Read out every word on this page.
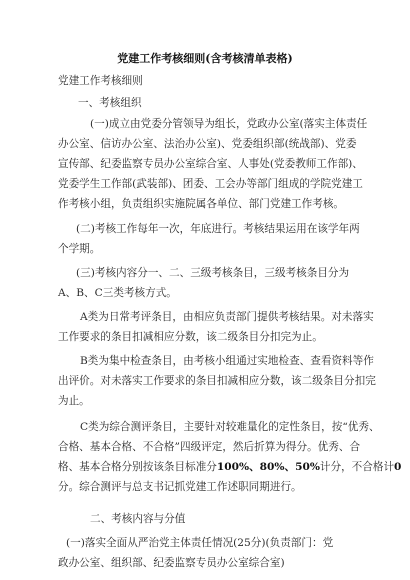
党建工作考核细则(含考核清单表格)
党建工作考核细则
一、考核组织
(一)成立由党委分管领导为组长，党政办公室(落实主体责任
办公室、信访办公室、法治办公室)、党委组织部(统战部)、党委
宣传部、纪委监察专员办公室综合室、人事处(党委教师工作部)、
党委学生工作部(武装部)、团委、工会办等部门组成的学院党建工
作考核小组，负责组织实施院属各单位、部门党建工作考核。
(二)考核工作每年一次，年底进行。考核结果运用在该学年两
个学期。
(三)考核内容分一、二、三级考核条目，三级考核条目分为
A、B、C三类考核方式。
A类为日常考评条目，由相应负责部门提供考核结果。对未落实
工作要求的条目扣减相应分数，该二级条目分扣完为止。
B类为集中检查条目，由考核小组通过实地检查、查看资料等作
出评价。对未落实工作要求的条目扣减相应分数，该二级条目分扣完
为止。
C类为综合测评条目，主要针对较难量化的定性条目，按“优秀、
合格、基本合格、不合格”四级评定，然后折算为得分。优秀、合
格、基本合格分别按该条目标准分100%、80%、50%计分，不合格计0
分。综合测评与总支书记抓党建工作述职同期进行。
二、考核内容与分值
(一)落实全面从严治党主体责任情况(25分)(负责部门：党
政办公室、组织部、纪委监察专员办公室综合室)
